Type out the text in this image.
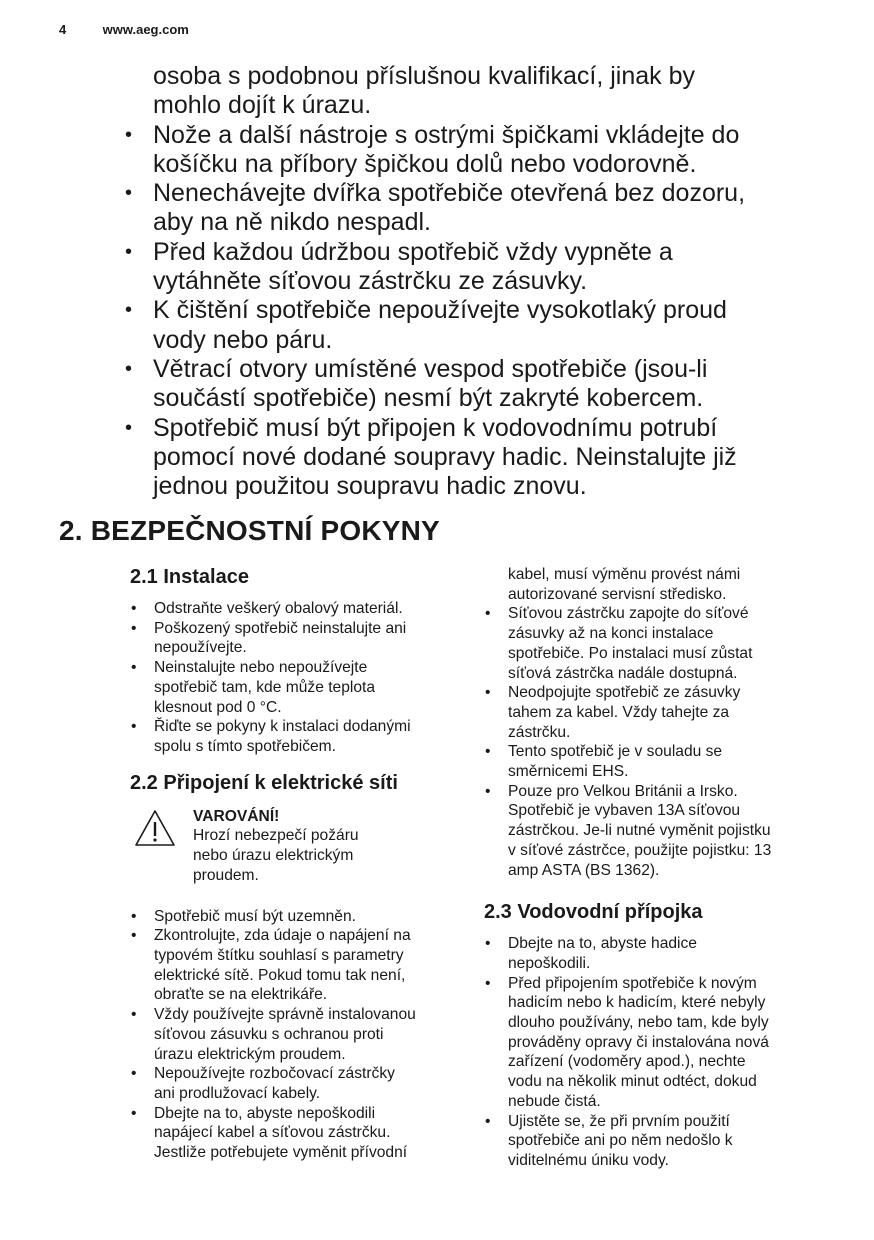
4	www.aeg.com
osoba s podobnou příslušnou kvalifikací, jinak by
mohlo dojít k úrazu.
• Nože a další nástroje s ostrými špičkami vkládejte do
košíčku na příbory špičkou dolů nebo vodorovně.
• Nenechávejte dvířka spotřebiče otevřená bez dozoru,
aby na ně nikdo nespadl.
• Před každou údržbou spotřebič vždy vypněte a
vytáhněte síťovou zástrčku ze zásuvky.
• K čištění spotřebiče nepoužívejte vysokotlaký proud
vody nebo páru.
• Větrací otvory umístěné vespod spotřebiče (jsou-li
součástí spotřebiče) nesmí být zakryté kobercem.
• Spotřebič musí být připojen k vodovodnímu potrubí
pomocí nové dodané soupravy hadic. Neinstalujte již
jednou použitou soupravu hadic znovu.
2. BEZPEČNOSTNÍ POKYNY
2.1 Instalace
• Odstraňte veškerý obalový materiál.
• Poškozený spotřebič neinstalujte ani
nepoužívejte.
• Neinstalujte nebo nepoužívejte
spotřebič tam, kde může teplota
klesnout pod 0 °C.
• Řiďte se pokyny k instalaci dodanými
spolu s tímto spotřebičem.
2.2 Připojení k elektrické síti
VAROVÁNÍ!
Hrozí nebezpečí požáru
nebo úrazu elektrickým
proudem.
• Spotřebič musí být uzemněn.
• Zkontrolujte, zda údaje o napájení na
typovém štítku souhlasí s parametry
elektrické sítě. Pokud tomu tak není,
obraťte se na elektrikáře.
• Vždy používejte správně instalovanou
síťovou zásuvku s ochranou proti
úrazu elektrickým proudem.
• Nepoužívejte rozbočovací zástrčky
ani prodlužovací kabely.
• Dbejte na to, abyste nepoškodili
napájecí kabel a síťovou zástrčku.
Jestliže potřebujete vyměnit přívodní
kabel, musí výměnu provést námi
autorizované servisní středisko.
• Síťovou zástrčku zapojte do síťové
zásuvky až na konci instalace
spotřebiče. Po instalaci musí zůstat
síťová zástrčka nadále dostupná.
• Neodpojujte spotřebič ze zásuvky
tahem za kabel. Vždy tahejte za
zástrčku.
• Tento spotřebič je v souladu se
směrnicemi EHS.
• Pouze pro Velkou Británii a Irsko.
Spotřebič je vybaven 13A síťovou
zástrčkou. Je-li nutné vyměnit pojistku
v síťové zástrčce, použijte pojistku: 13
amp ASTA (BS 1362).
2.3 Vodovodní přípojka
• Dbejte na to, abyste hadice
nepoškodili.
• Před připojením spotřebiče k novým
hadicím nebo k hadicím, které nebyly
dlouho používány, nebo tam, kde byly
prováděny opravy či instalována nová
zařízení (vodoměry apod.), nechte
vodu na několik minut odtéct, dokud
nebude čistá.
• Ujistěte se, že při prvním použití
spotřebiče ani po něm nedošlo k
viditelnému úniku vody.
